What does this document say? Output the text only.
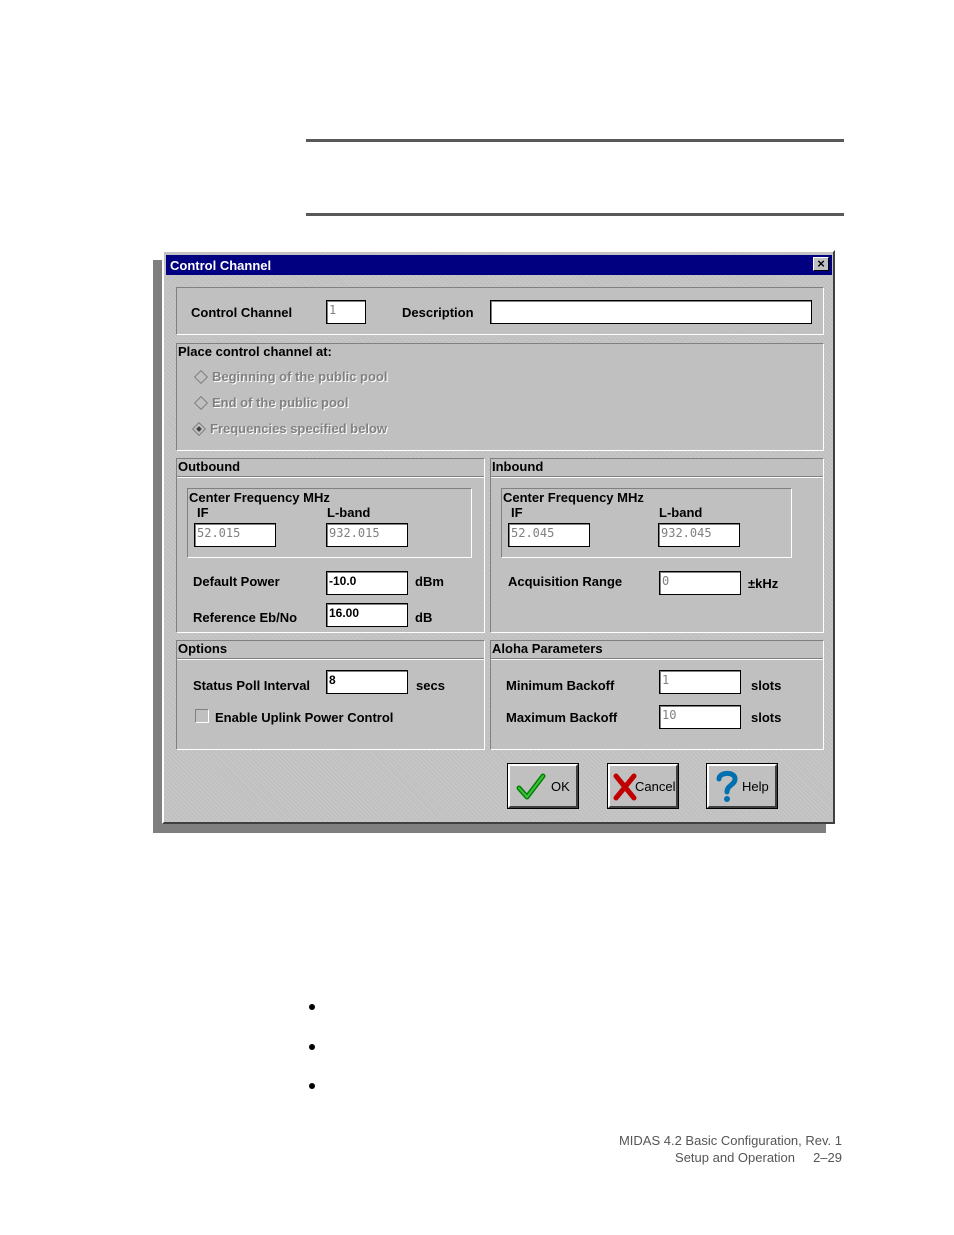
Control Channel	×
Control Channel	1	Description
Place control channel at:
Beginning of the public pool
End of the public pool
Frequencies specified below
Outbound
Center Frequency MHz
IF	L-band
52.015	932.015
Default Power	-10.0	dBm
Reference Eb/No	16.00	dB
Inbound
Center Frequency MHz
IF	L-band
52.045	932.045
Acquisition Range	0	±kHz
Options
Status Poll Interval 8	secs
Enable Uplink Power Control
Aloha Parameters
Minimum Backoff	1	slots
Maximum Backoff	10	slots
OK	Cancel	Help
MIDAS 4.2 Basic Configuration, Rev. 1
Setup and Operation     2–29
